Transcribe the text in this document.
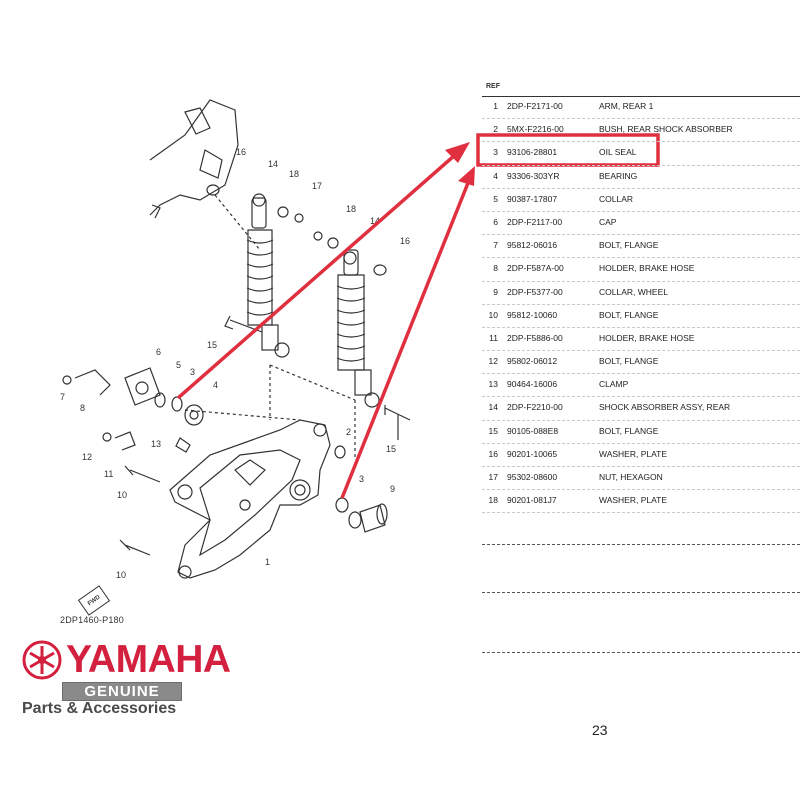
1
2
3
3
4
5
6
7
8
9
10
10
11
12
13
14
14
15
15
16
16
17
18
18
FWD
2DP1460-P180
REF
1 2DP-F2171-00	ARM, REAR 1
2 5MX-F2216-00	BUSH, REAR SHOCK ABSORBER
3 93106-28801	OIL SEAL
4 93306-303YR	BEARING
5 90387-17807	COLLAR
6 2DP-F2117-00	CAP
7 95812-06016	BOLT, FLANGE
8 2DP-F587A-00	HOLDER, BRAKE HOSE
9 2DP-F5377-00	COLLAR, WHEEL
10 95812-10060	BOLT, FLANGE
11 2DP-F5886-00	HOLDER, BRAKE HOSE
12 95802-06012	BOLT, FLANGE
13 90464-16006	CLAMP
14 2DP-F2210-00	SHOCK ABSORBER ASSY, REAR
15 90105-088E8	BOLT, FLANGE
16 90201-10065	WASHER, PLATE
17 95302-08600	NUT, HEXAGON
18 90201-081J7	WASHER, PLATE
23
YAMAHA
GENUINE
Parts & Accessories
